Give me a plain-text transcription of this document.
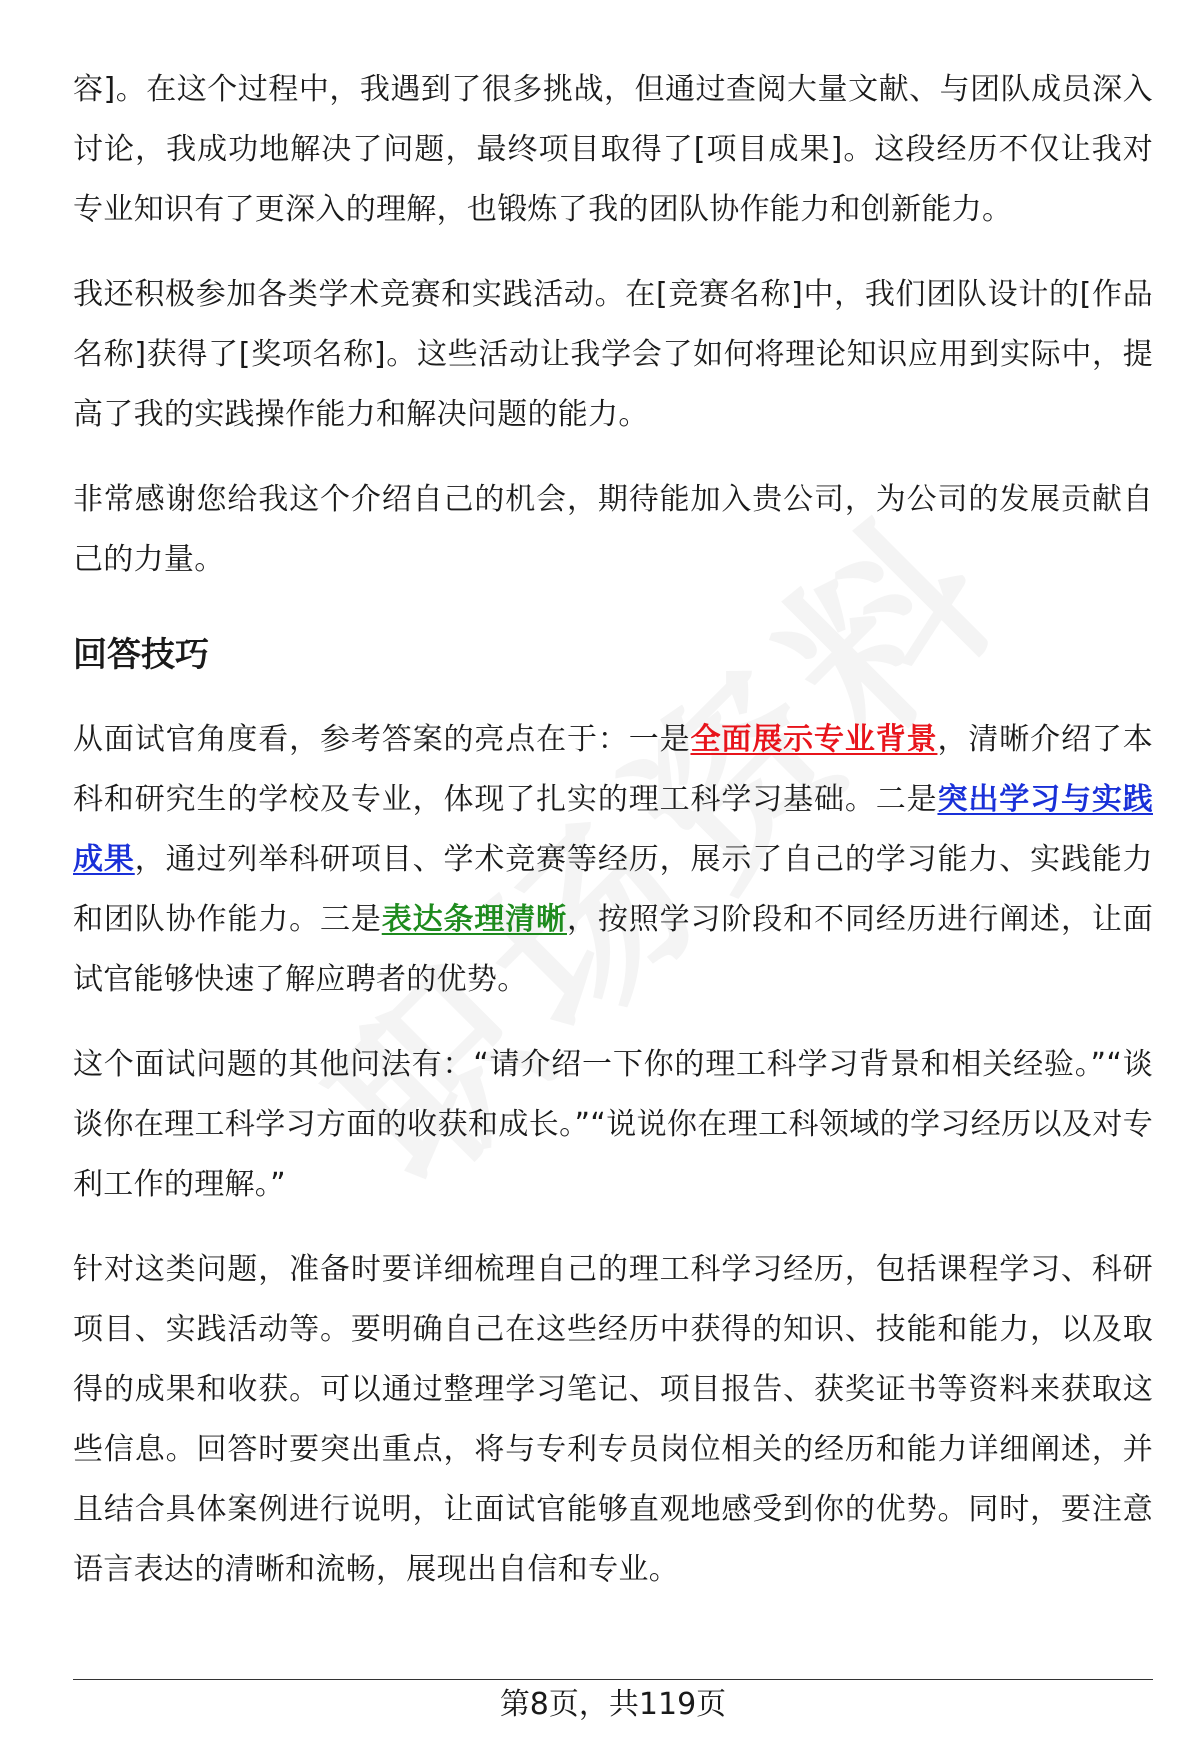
容]。在这个过程中，我遇到了很多挑战，但通过查阅大量文献、与团队成员深入讨论，我成功地解决了问题，最终项目取得了[项目成果]。这段经历不仅让我对专业知识有了更深入的理解，也锻炼了我的团队协作能力和创新能力。

我还积极参加各类学术竞赛和实践活动。在[竞赛名称]中，我们团队设计的[作品名称]获得了[奖项名称]。这些活动让我学会了如何将理论知识应用到实际中，提高了我的实践操作能力和解决问题的能力。

非常感谢您给我这个介绍自己的机会，期待能加入贵公司，为公司的发展贡献自己的力量。

回答技巧

从面试官角度看，参考答案的亮点在于：一是全面展示专业背景，清晰介绍了本科和研究生的学校及专业，体现了扎实的理工科学习基础。二是突出学习与实践成果，通过列举科研项目、学术竞赛等经历，展示了自己的学习能力、实践能力和团队协作能力。三是表达条理清晰，按照学习阶段和不同经历进行阐述，让面试官能够快速了解应聘者的优势。

这个面试问题的其他问法有：“请介绍一下你的理工科学习背景和相关经验。”“谈谈你在理工科学习方面的收获和成长。”“说说你在理工科领域的学习经历以及对专利工作的理解。”

针对这类问题，准备时要详细梳理自己的理工科学习经历，包括课程学习、科研项目、实践活动等。要明确自己在这些经历中获得的知识、技能和能力，以及取得的成果和收获。可以通过整理学习笔记、项目报告、获奖证书等资料来获取这些信息。回答时要突出重点，将与专利专员岗位相关的经历和能力详细阐述，并且结合具体案例进行说明，让面试官能够直观地感受到你的优势。同时，要注意语言表达的清晰和流畅，展现出自信和专业。

第8页，共119页
